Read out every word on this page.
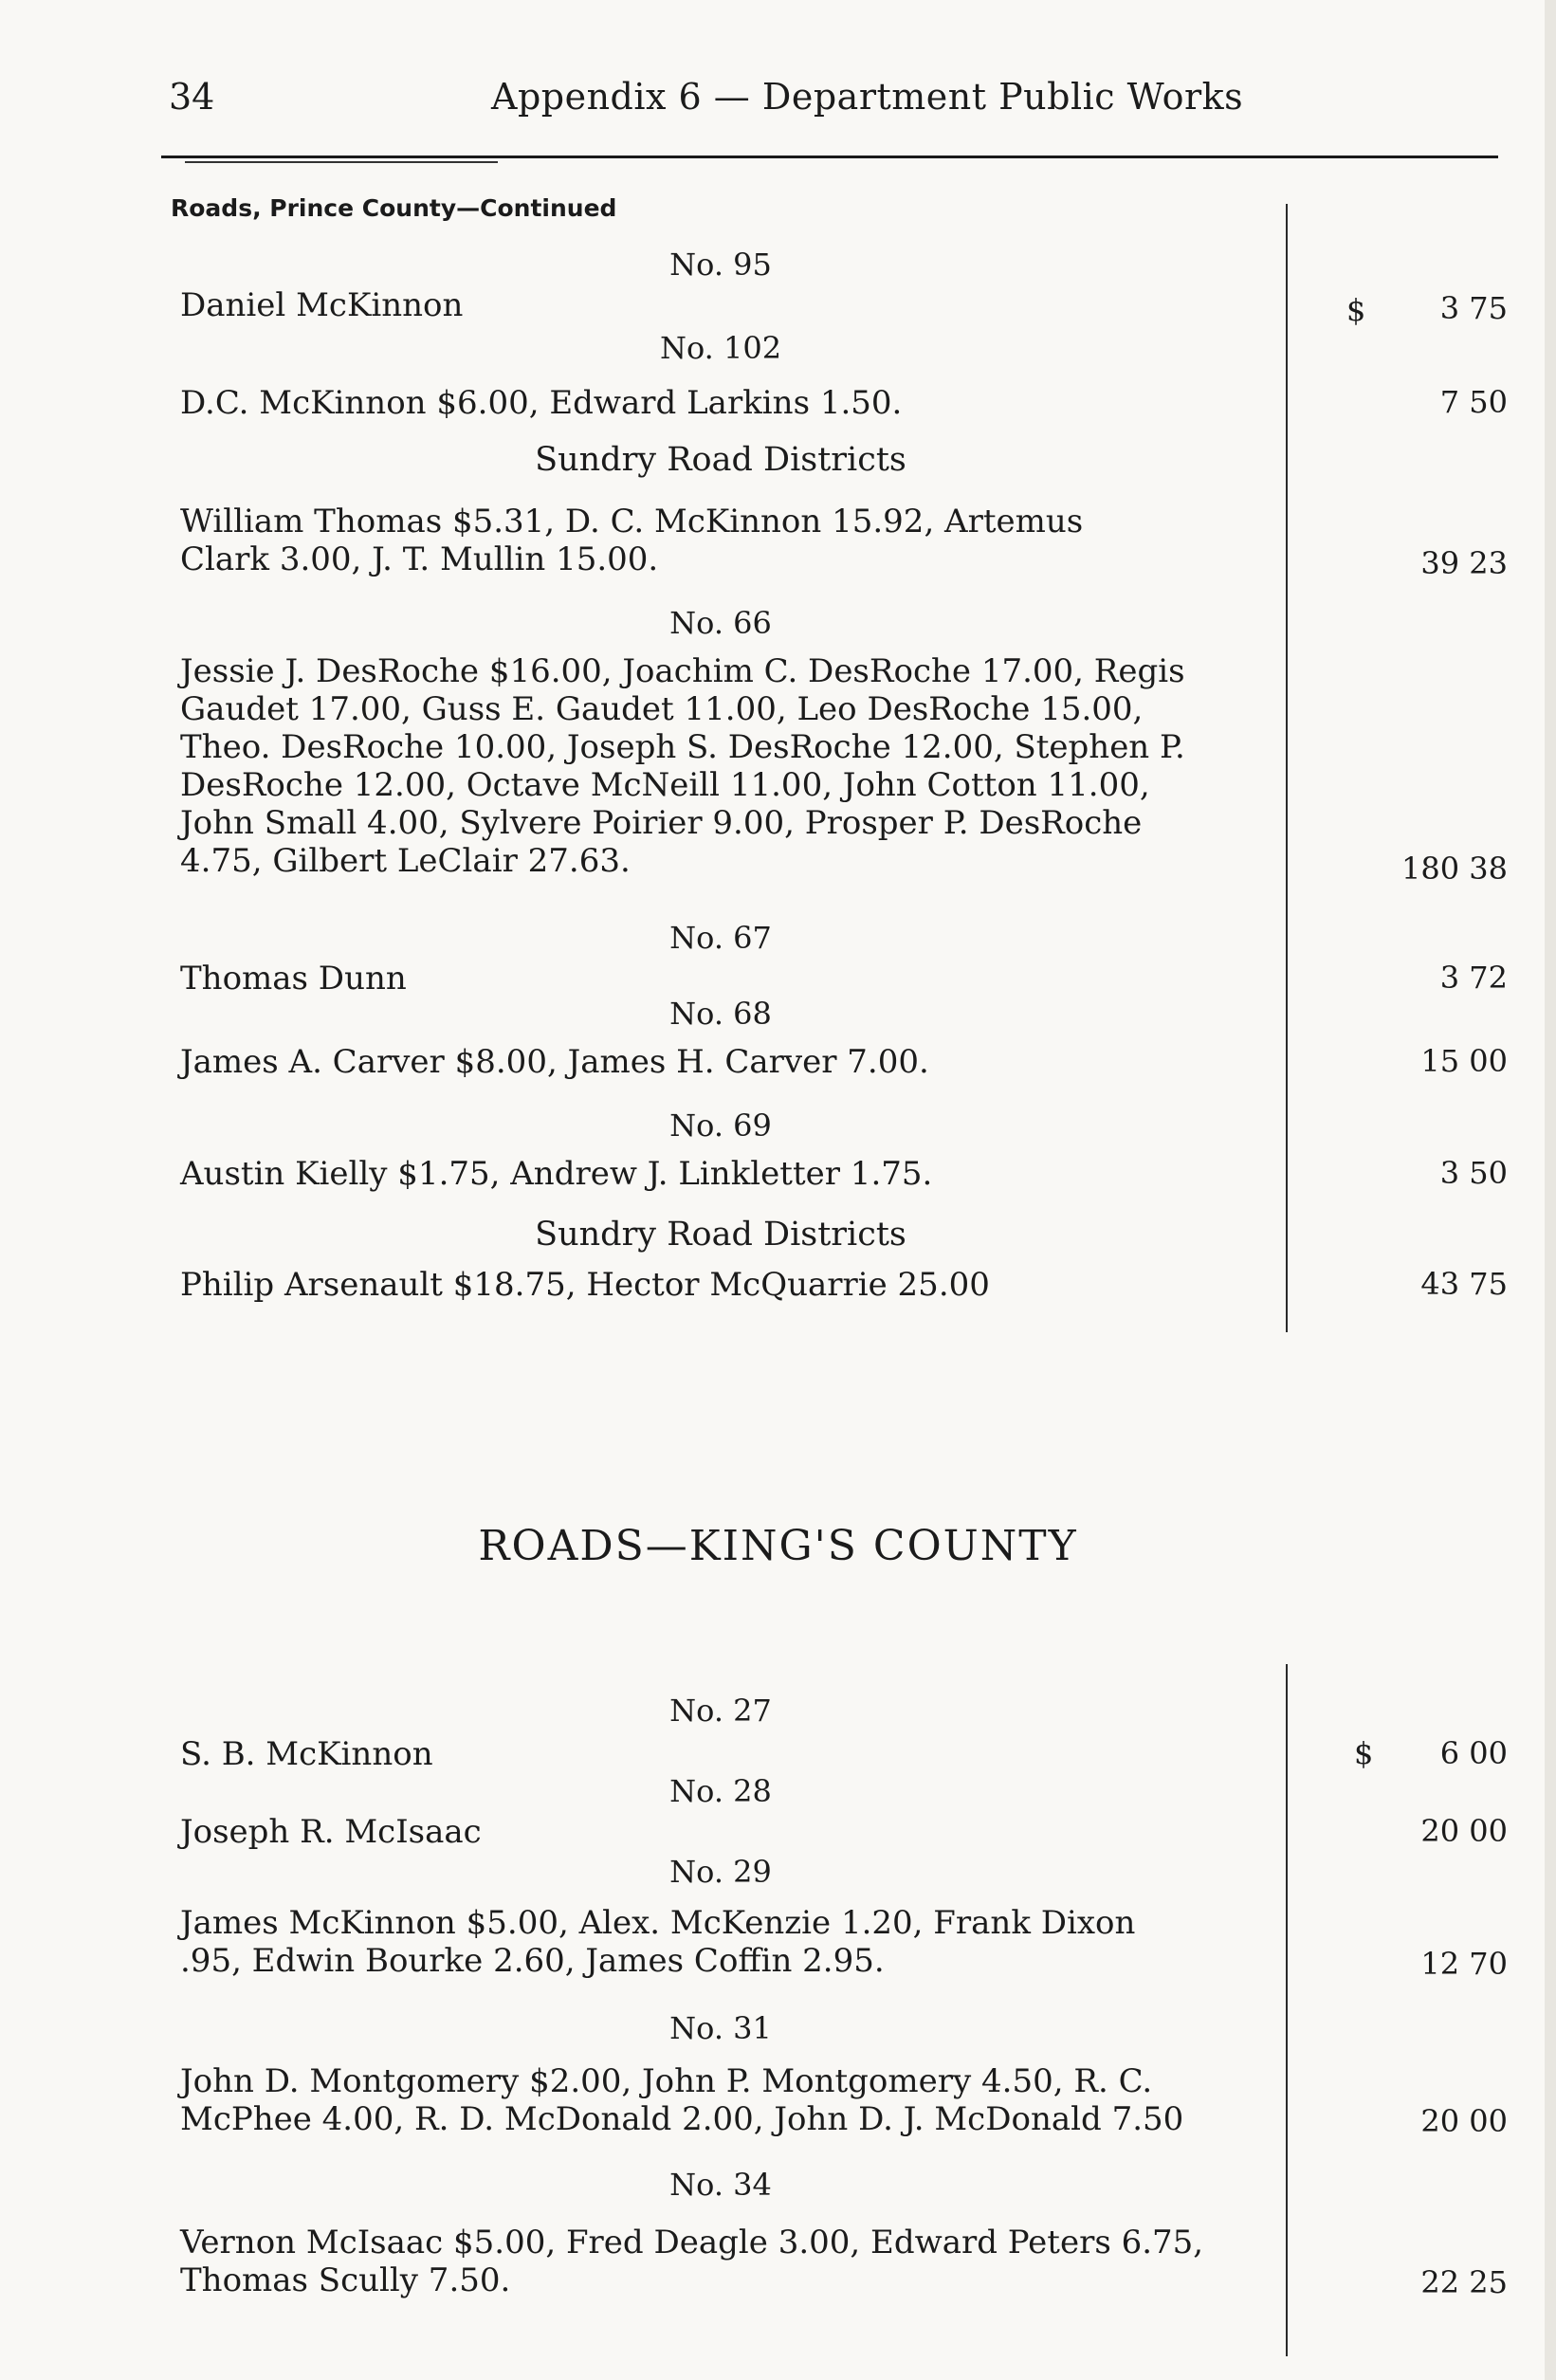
34	Appendix 6 — Department Public Works
Roads, Prince County—Continued
No. 95
Daniel McKinnon	$	3 75
No. 102
D.C. McKinnon $6.00, Edward Larkins 1.50.	7 50
Sundry Road Districts
William Thomas $5.31, D. C. McKinnon 15.92, Artemus
Clark 3.00, J. T. Mullin 15.00.	39 23
No. 66
Jessie J. DesRoche $16.00, Joachim C. DesRoche 17.00, Regis
Gaudet 17.00, Guss E. Gaudet 11.00, Leo DesRoche 15.00,
Theo. DesRoche 10.00, Joseph S. DesRoche 12.00, Stephen P.
DesRoche 12.00, Octave McNeill 11.00, John Cotton 11.00,
John Small 4.00, Sylvere Poirier 9.00, Prosper P. DesRoche
4.75, Gilbert LeClair 27.63.	180 38
No. 67
Thomas Dunn	3 72
No. 68
James A. Carver $8.00, James H. Carver 7.00.	15 00
No. 69
Austin Kielly $1.75, Andrew J. Linkletter 1.75.	3 50
Sundry Road Districts
Philip Arsenault $18.75, Hector McQuarrie 25.00	43 75
ROADS—KING'S COUNTY
No. 27
S. B. McKinnon	$	6 00
No. 28
Joseph R. McIsaac	20 00
No. 29
James McKinnon $5.00, Alex. McKenzie 1.20, Frank Dixon
.95, Edwin Bourke 2.60, James Coffin 2.95.	12 70
No. 31
John D. Montgomery $2.00, John P. Montgomery 4.50, R. C.
McPhee 4.00, R. D. McDonald 2.00, John D. J. McDonald 7.50	20 00
No. 34
Vernon McIsaac $5.00, Fred Deagle 3.00, Edward Peters 6.75,
Thomas Scully 7.50.	22 25
